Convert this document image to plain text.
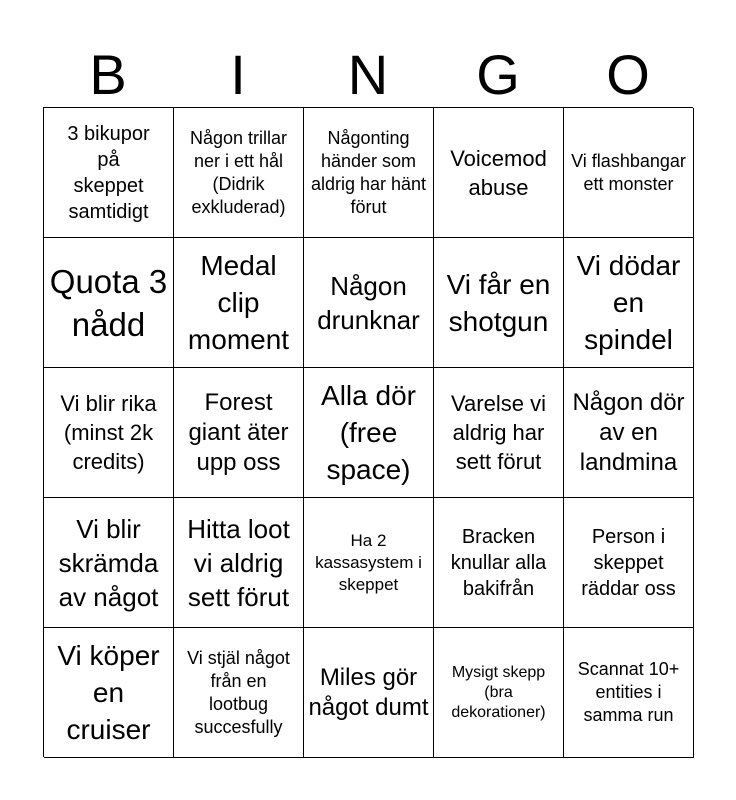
B	I	N	G	O
3 bikupor på skeppet samtidigt
Någon trillar ner i ett hål (Didrik exkluderad)
Någonting händer som aldrig har hänt förut
Voicemod abuse
Vi flashbangar ett monster
Quota 3 nådd
Medal clip moment
Någon drunknar
Vi får en shotgun
Vi dödar en spindel
Vi blir rika (minst 2k credits)
Forest giant äter upp oss
Alla dör (free space)
Varelse vi aldrig har sett förut
Någon dör av en landmina
Vi blir skrämda av något
Hitta loot vi aldrig sett förut
Ha 2 kassasystem i skeppet
Bracken knullar alla bakifrån
Person i skeppet räddar oss
Vi köper en cruiser
Vi stjäl något från en lootbug succesfully
Miles gör något dumt
Mysigt skepp (bra dekorationer)
Scannat 10+ entities i samma run
